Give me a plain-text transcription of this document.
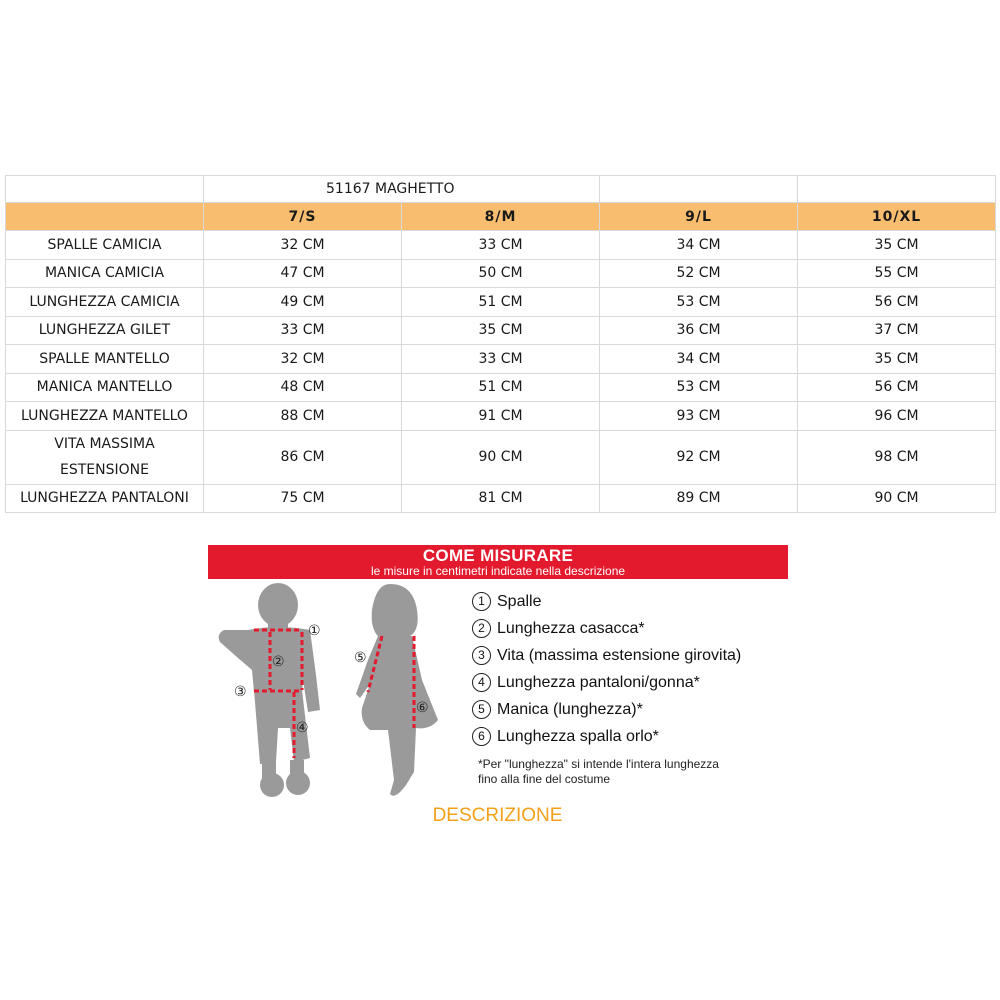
	51167 MAGHETTO			
	7/S	8/M	9/L	10/XL
SPALLE CAMICIA	32 CM	33 CM	34 CM	35 CM
MANICA CAMICIA	47 CM	50 CM	52 CM	55 CM
LUNGHEZZA CAMICIA	49 CM	51 CM	53 CM	56 CM
LUNGHEZZA GILET	33 CM	35 CM	36 CM	37 CM
SPALLE MANTELLO	32 CM	33 CM	34 CM	35 CM
MANICA MANTELLO	48 CM	51 CM	53 CM	56 CM
LUNGHEZZA MANTELLO	88 CM	91 CM	93 CM	96 CM
VITA MASSIMA
ESTENSIONE	86 CM	90 CM	92 CM	98 CM
LUNGHEZZA PANTALONI	75 CM	81 CM	89 CM	90 CM
COME MISURARE
le misure in centimetri indicate nella descrizione
①
②
③
④
⑤
⑥
1 Spalle
2 Lunghezza casacca*
3 Vita (massima estensione girovita)
4 Lunghezza pantaloni/gonna*
5 Manica (lunghezza)*
6 Lunghezza spalla orlo*
*Per "lunghezza" si intende l'intera lunghezza
fino alla fine del costume
DESCRIZIONE
